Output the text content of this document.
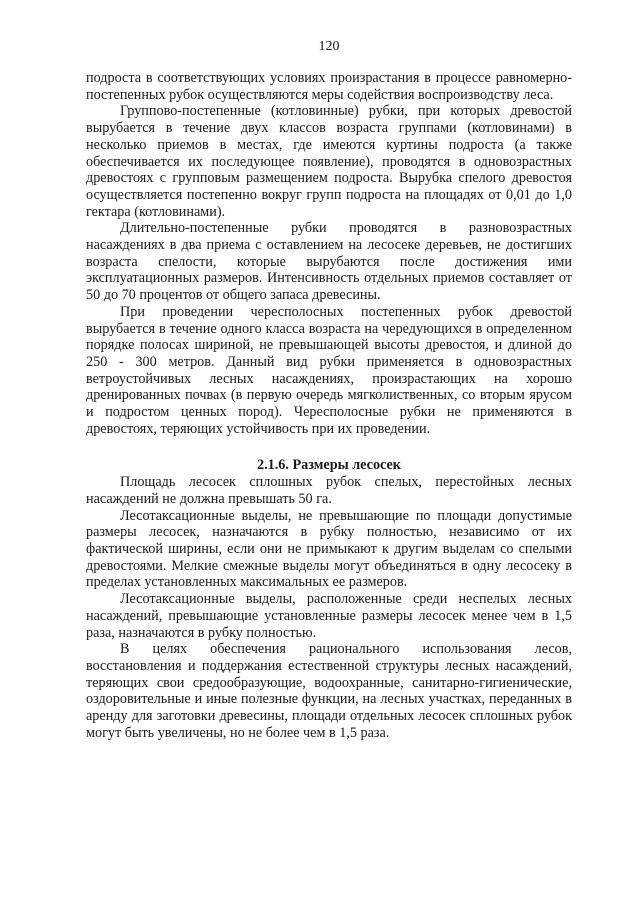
120

подроста в соответствующих условиях произрастания в процессе равномерно-постепенных рубок осуществляются меры содействия воспроизводству леса.

Группово-постепенные (котловинные) рубки, при которых древостой вырубается в течение двух классов возраста группами (котловинами) в несколько приемов в местах, где имеются куртины подроста (а также обеспечивается их последующее появление), проводятся в одновозрастных древостоях с групповым размещением подроста. Вырубка спелого древостоя осуществляется постепенно вокруг групп подроста на площадях от 0,01 до 1,0 гектара (котловинами).

Длительно-постепенные рубки проводятся в разновозрастных насаждениях в два приема с оставлением на лесосеке деревьев, не достигших возраста спелости, которые вырубаются после достижения ими эксплуатационных размеров. Интенсивность отдельных приемов составляет от 50 до 70 процентов от общего запаса древесины.

При проведении чересполосных постепенных рубок древостой вырубается в течение одного класса возраста на чередующихся в определенном порядке полосах шириной, не превышающей высоты древостоя, и длиной до 250 - 300 метров. Данный вид рубки применяется в одновозрастных ветроустойчивых лесных насаждениях, произрастающих на хорошо дренированных почвах (в первую очередь мягколиственных, со вторым ярусом и подростом ценных пород). Чересполосные рубки не применяются в древостоях, теряющих устойчивость при их проведении.

2.1.6. Размеры лесосек

Площадь лесосек сплошных рубок спелых, перестойных лесных насаждений не должна превышать 50 га.

Лесотаксационные выделы, не превышающие по площади допустимые размеры лесосек, назначаются в рубку полностью, независимо от их фактической ширины, если они не примыкают к другим выделам со спелыми древостоями. Мелкие смежные выделы могут объединяться в одну лесосеку в пределах установленных максимальных ее размеров.

Лесотаксационные выделы, расположенные среди неспелых лесных насаждений, превышающие установленные размеры лесосек менее чем в 1,5 раза, назначаются в рубку полностью.

В целях обеспечения рационального использования лесов, восстановления и поддержания естественной структуры лесных насаждений, теряющих свои средообразующие, водоохранные, санитарно-гигиенические, оздоровительные и иные полезные функции, на лесных участках, переданных в аренду для заготовки древесины, площади отдельных лесосек сплошных рубок могут быть увеличены, но не более чем в 1,5 раза.
